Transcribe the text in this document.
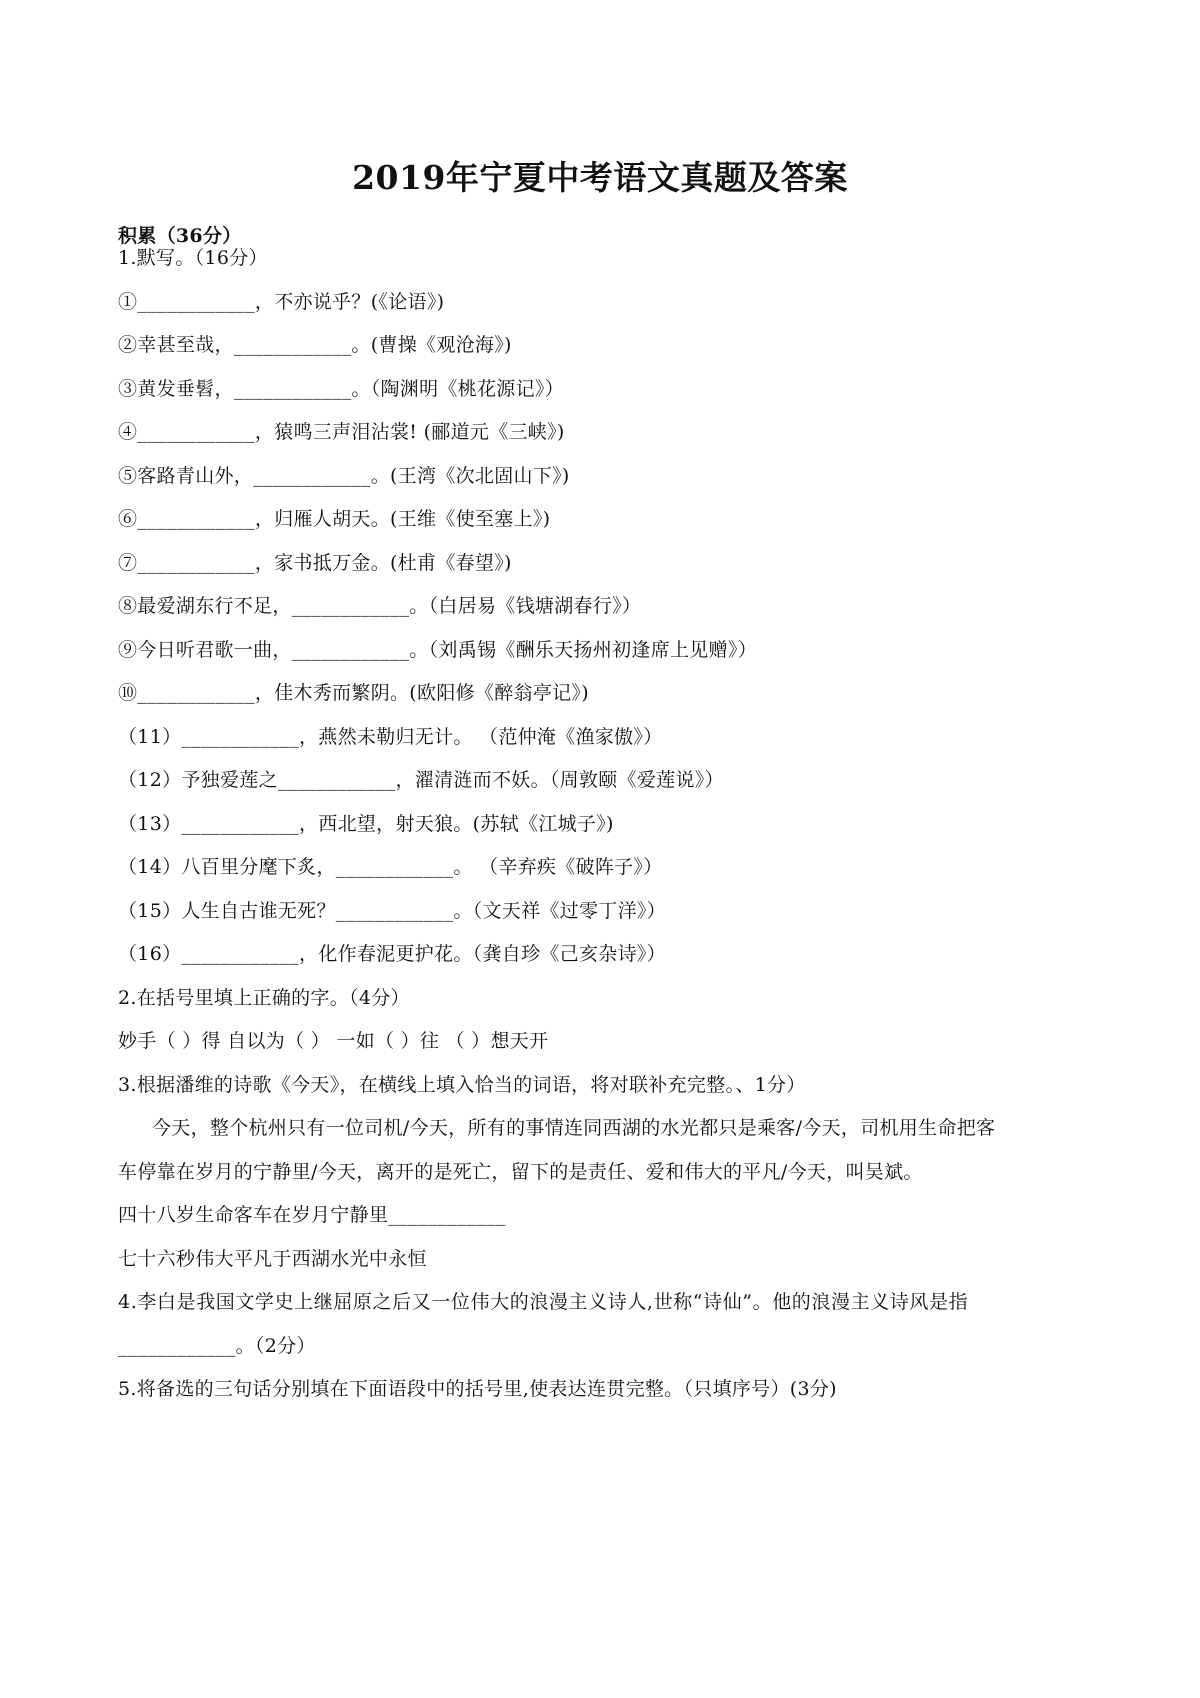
2019年宁夏中考语文真题及答案
积累（36分）
1.默写。（16分）
①____________，不亦说乎？(《论语》)
②幸甚至哉，____________。(曹操《观沧海》)
③黄发垂髫，____________。（陶渊明《桃花源记》）
④____________，猿鸣三声泪沾裳! (郦道元《三峡》)
⑤客路青山外，____________。(王湾《次北固山下》)
⑥____________，归雁人胡天。(王维《使至塞上》)
⑦____________，家书抵万金。(杜甫《春望》)
⑧最爱湖东行不足，____________。（白居易《钱塘湖春行》）
⑨今日听君歌一曲，____________。（刘禹锡《酬乐天扬州初逢席上见赠》）
⑩____________，佳木秀而繁阴。(欧阳修《醉翁亭记》)
（11）____________，燕然未勒归无计。 （范仲淹《渔家傲》）
（12）予独爱莲之____________，濯清涟而不妖。（周敦颐《爱莲说》）
（13）____________，西北望，射天狼。(苏轼《江城子》)
（14）八百里分麾下炙，____________。 （辛弃疾《破阵子》）
（15）人生自古谁无死？____________。（文天祥《过零丁洋》）
（16）____________，化作春泥更护花。（龚自珍《己亥杂诗》）
2.在括号里填上正确的字。（4分）
妙手（ ）得 自以为（ ） 一如（ ）往 （ ）想天开
3.根据潘维的诗歌《今天》，在横线上填入恰当的词语，将对联补充完整。、1分）
今天，整个杭州只有一位司机/今天，所有的事情连同西湖的水光都只是乘客/今天，司机用生命把客
车停靠在岁月的宁静里/今天，离开的是死亡，留下的是责任、爱和伟大的平凡/今天，叫吴斌。
四十八岁生命客车在岁月宁静里____________
七十六秒伟大平凡于西湖水光中永恒
4.李白是我国文学史上继屈原之后又一位伟大的浪漫主义诗人,世称“诗仙”。他的浪漫主义诗风是指
____________。（2分）
5.将备选的三句话分别填在下面语段中的括号里,使表达连贯完整。（只填序号）(3分)
